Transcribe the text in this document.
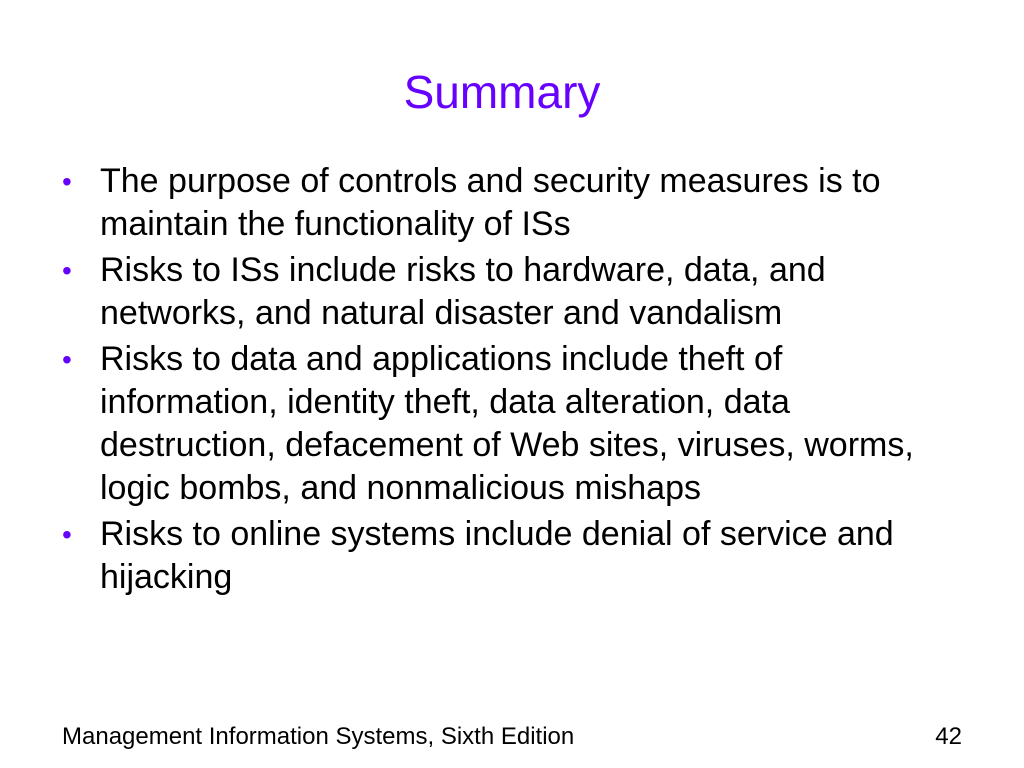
Summary
• The purpose of controls and security measures is to maintain the functionality of ISs
• Risks to ISs include risks to hardware, data, and networks, and natural disaster and vandalism
• Risks to data and applications include theft of information, identity theft, data alteration, data destruction, defacement of Web sites, viruses, worms, logic bombs, and nonmalicious mishaps
• Risks to online systems include denial of service and hijacking
Management Information Systems, Sixth Edition	42
